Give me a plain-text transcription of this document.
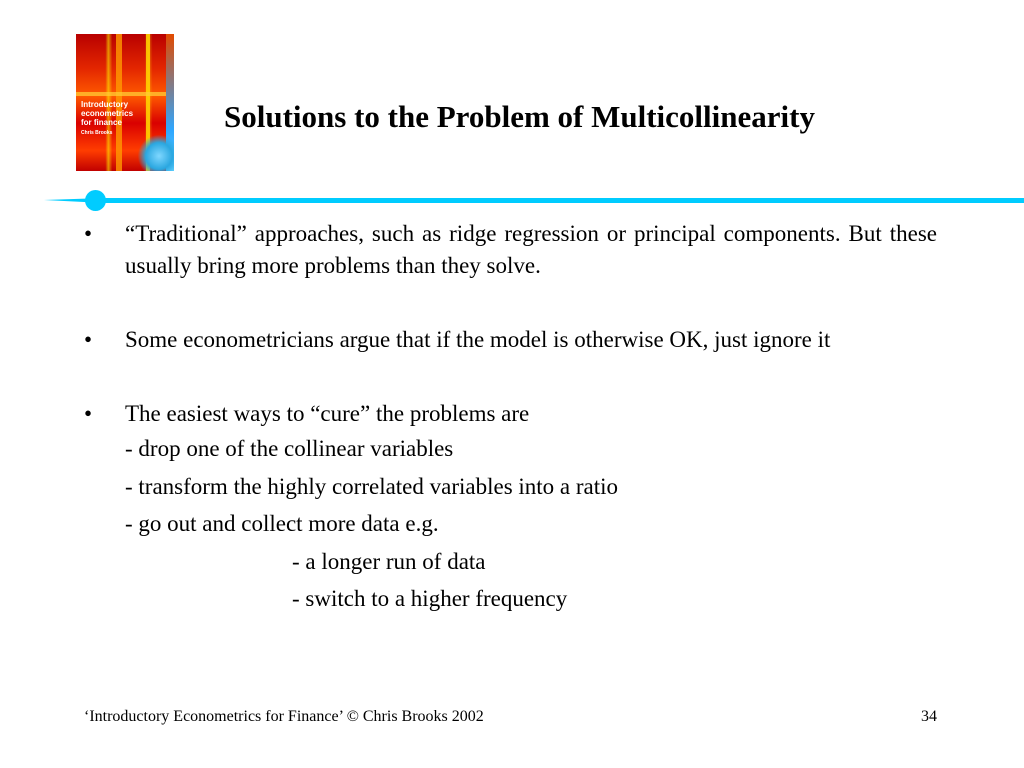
Introductory econometrics for finance
Chris Brooks	Solutions to the Problem of Multicollinearity
•	“Traditional” approaches, such as ridge regression or principal components. But these usually bring more problems than they solve.
•	Some econometricians argue that if the model is otherwise OK, just ignore it
•	The easiest ways to “cure” the problems are
- drop one of the collinear variables
- transform the highly correlated variables into a ratio
- go out and collect more data e.g.
- a longer run of data
- switch to a higher frequency
‘Introductory Econometrics for Finance’ © Chris Brooks 2002	34
